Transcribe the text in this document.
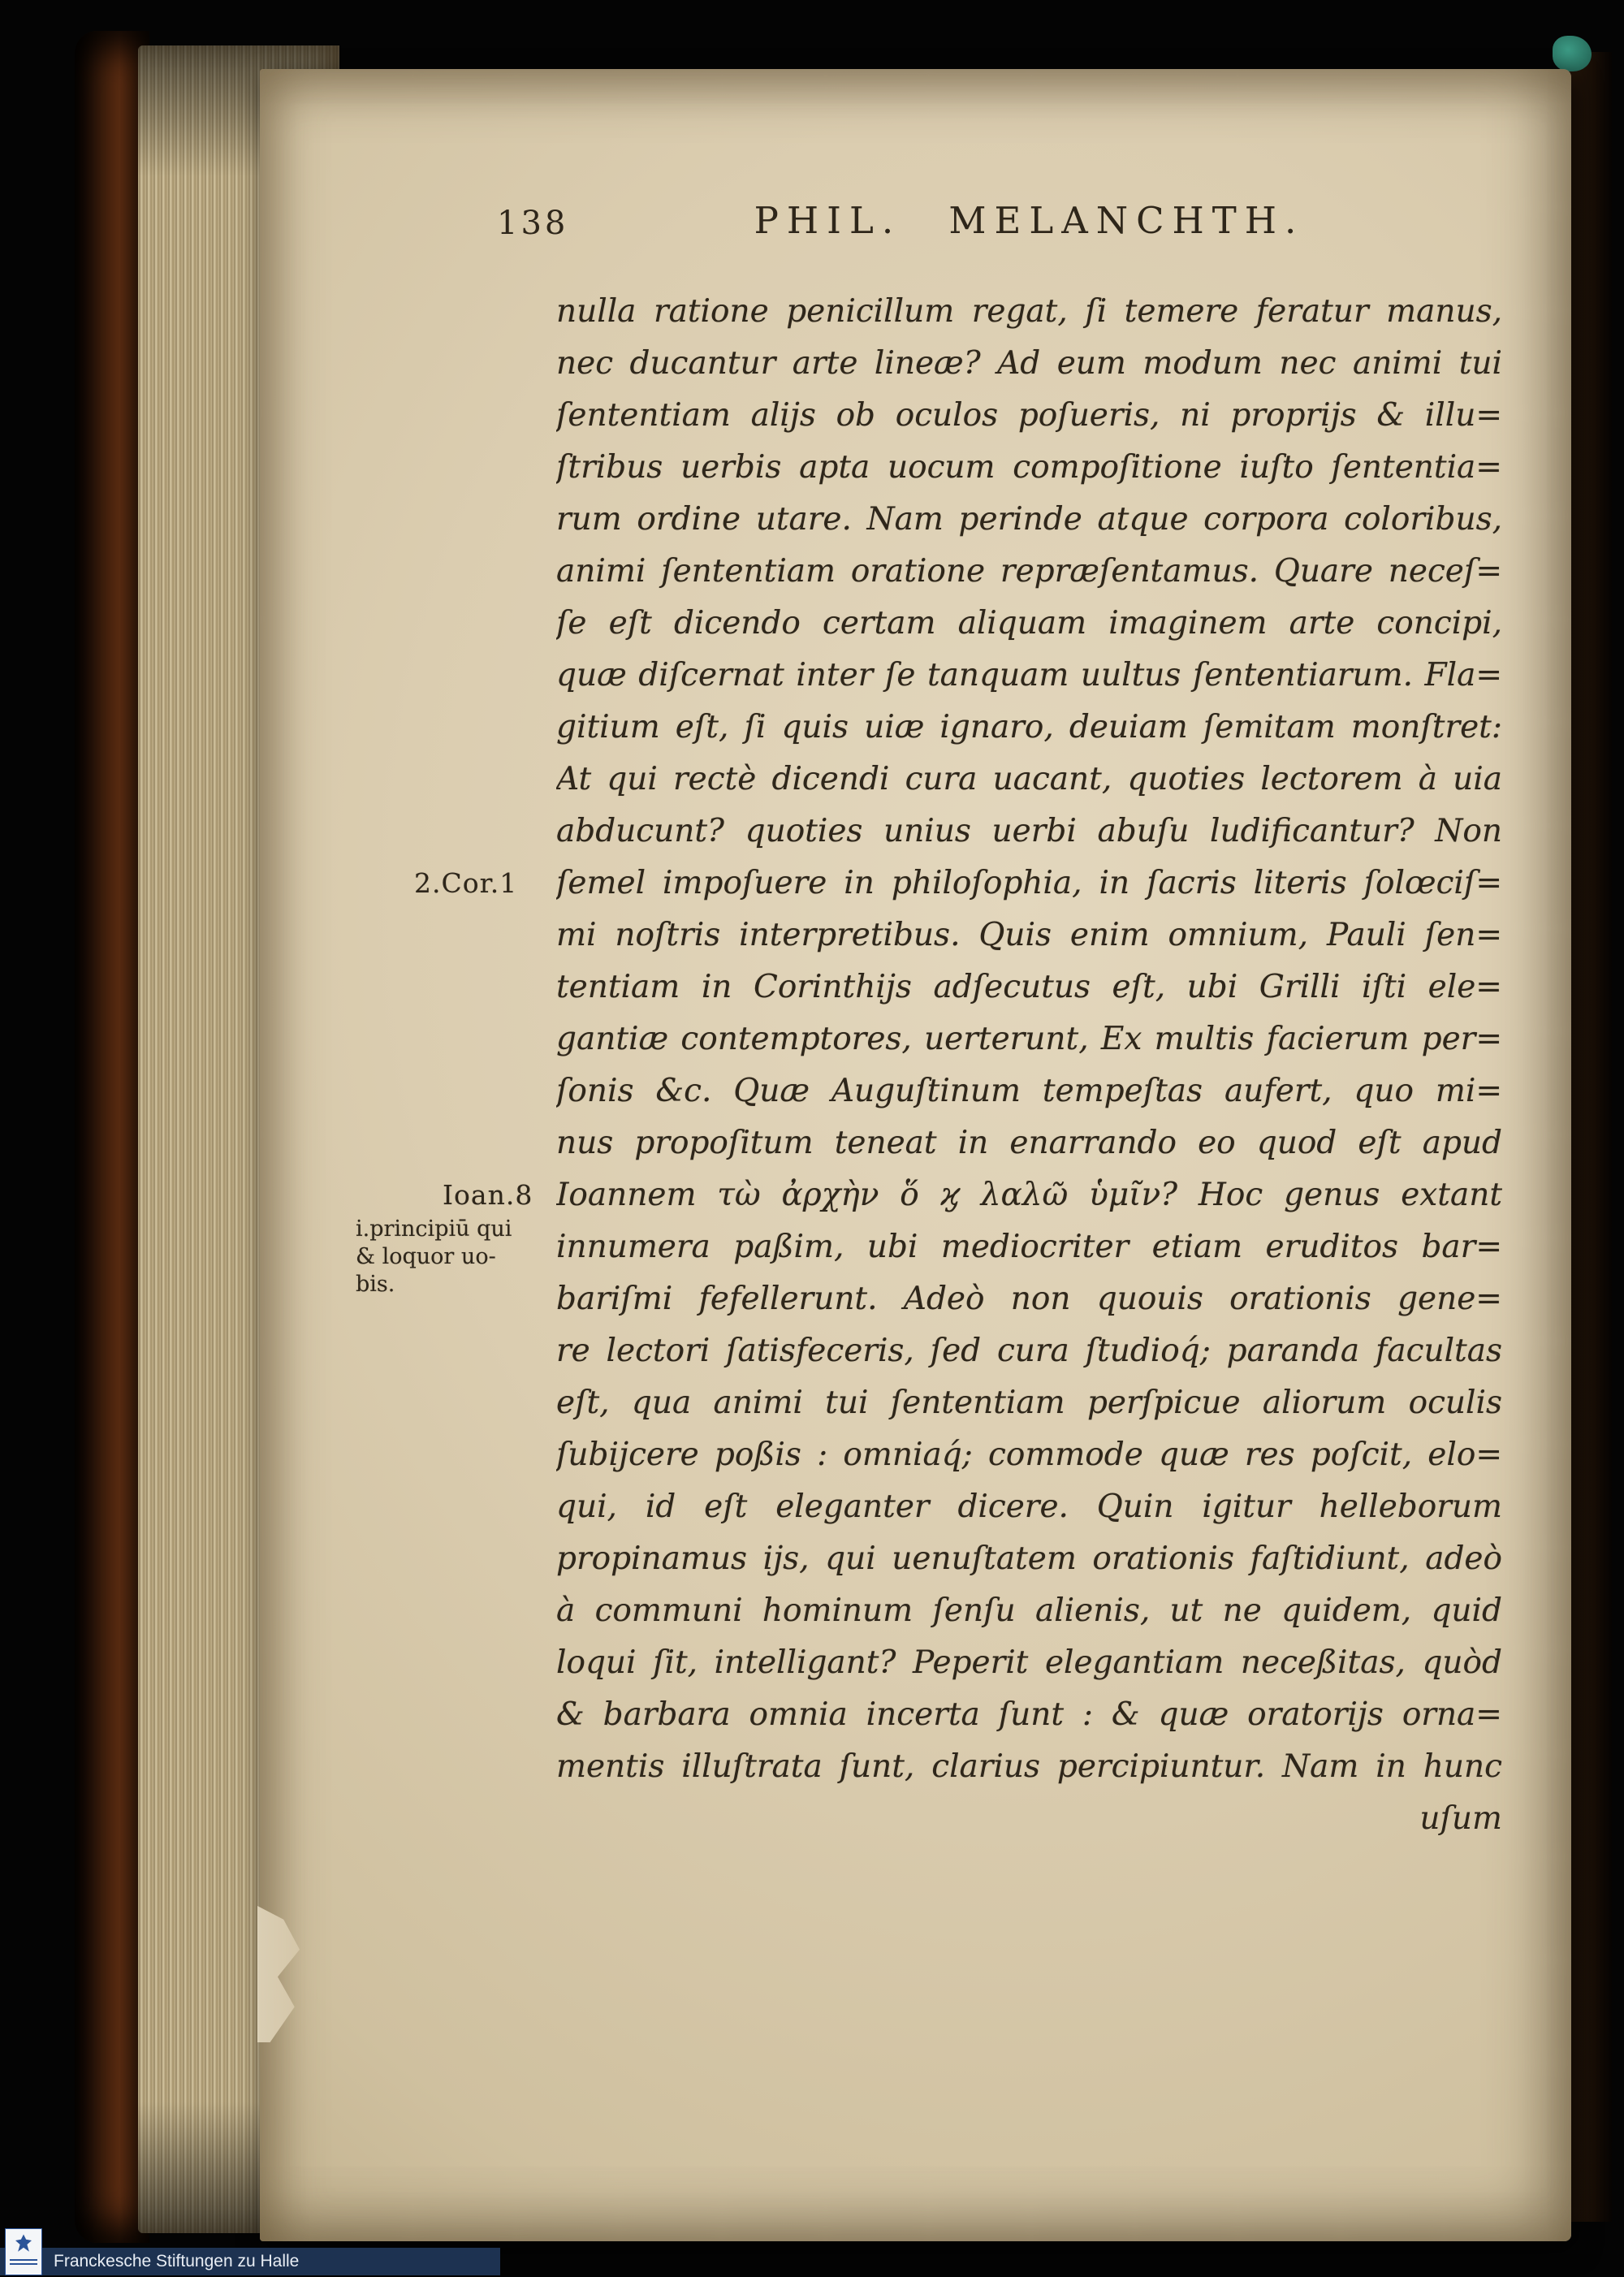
138	PHIL. MELANCHTH.
2.Cor.1
Ioan.8
i.principiū qui
& loquor uo-
bis.
nulla ratione penicillum regat, ſi temere feratur manus,
nec ducantur arte lineæ? Ad eum modum nec animi tui
ſententiam alijs ob oculos poſueris, ni proprijs & illu=
ſtribus uerbis apta uocum compoſitione iuſto ſententia=
rum ordine utare. Nam perinde atque corpora coloribus,
animi ſententiam oratione repræſentamus. Quare neceſ=
ſe eſt dicendo certam aliquam imaginem arte concipi,
quæ diſcernat inter ſe tanquam uultus ſententiarum. Fla=
gitium eſt, ſi quis uiæ ignaro, deuiam ſemitam monſtret:
At qui rectè dicendi cura uacant, quoties lectorem à uia
abducunt? quoties unius uerbi abuſu ludificantur? Non
ſemel impoſuere in philoſophia, in ſacris literis ſolœciſ=
mi noſtris interpretibus. Quis enim omnium, Pauli ſen=
tentiam in Corinthijs adſecutus eſt, ubi Grilli iſti ele=
gantiæ contemptores, uerterunt, Ex multis facierum per=
ſonis &c. Quæ Auguſtinum tempeſtas aufert, quo mi=
nus propoſitum teneat in enarrando eo quod eſt apud
Ioannem τὼ ἀρχὴν ὅ ϗ λαλῶ ὑμῖν? Hoc genus extant
innumera paßim, ubi mediocriter etiam eruditos bar=
bariſmi fefellerunt. Adeò non quouis orationis gene=
re lectori ſatisfeceris, ſed cura ſtudioq́; paranda facultas
eſt, qua animi tui ſententiam perſpicue aliorum oculis
ſubijcere poßis : omniaq́; commode quæ res poſcit, elo=
qui, id eſt eleganter dicere. Quin igitur helleborum
propinamus ijs, qui uenuſtatem orationis faſtidiunt, adeò
à communi hominum ſenſu alienis, ut ne quidem, quid
loqui ſit, intelligant? Peperit elegantiam neceßitas, quòd
& barbara omnia incerta ſunt : & quæ oratorijs orna=
mentis illuſtrata ſunt, clarius percipiuntur. Nam in hunc
uſum
Franckesche Stiftungen zu Halle
